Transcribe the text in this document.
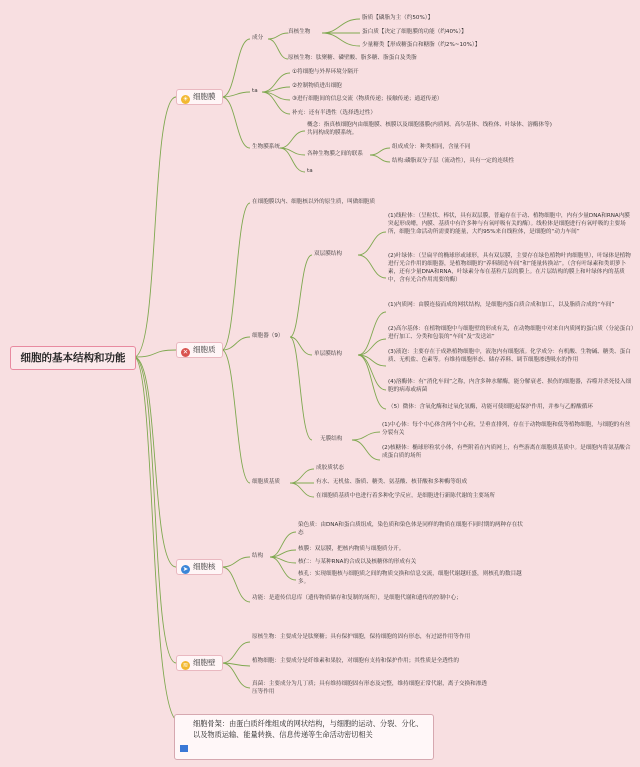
细胞的基本结构和功能
☀ 细胞膜
成分
真核生物
脂质【磷脂为主（约50%）】
蛋白质【决定了细胞膜的功能（约40%）】
少量糖类【形成糖蛋白和糖脂（约2%~10%）】
原核生物：肽聚糖、磷壁酸、脂多糖、脂蛋白及类脂
ta
①将细胞与外界环境分隔开
②控制物质进出细胞
③进行细胞间的信息交流（物质传递；接触传递；通道传递）
补充：还有半透性（选择透过性）
生物膜系统
概念：指真核细胞内由细胞膜、核膜以及细胞器膜(内质网、高尔基体、线粒体、叶绿体、溶酶体等)共同构成的膜系统。
各种生物膜之间的联系
组成成分：种类相同，含量不同
结构:磷脂双分子层（流动性），具有一定的连续性
ta
✕ 细胞质
在细胞膜以内、细胞核以外的原生质，叫做细胞质
细胞器（9）
双层膜结构
(1)线粒体：（呈粒状、棒状，具有双层膜，普遍存在于动、植物细胞中，内有少量DNA和RNA内膜突起形成嵴，内膜、基质中有许多种与有氧呼吸有关的酶）。线粒体是细胞进行有氧呼吸的主要场所，细胞生命活动所需要的能量，大约95%来自线粒体，是细胞的“动力车间”
(2)叶绿体：（呈扁平的椭球形或球形，具有双层膜，主要存在绿色植物叶肉细胞里），叶绿体是植物进行光合作用的细胞器，是植物细胞的“养料制造车间”和“能量转换站”。（含有叶绿素和类胡萝卜素，还有少量DNA和RNA，叶绿素分布在基粒片层的膜上。在片层结构的膜上和叶绿体内的基质中，含有光合作用需要的酶）
单层膜结构
(1)内质网：由膜连接而成的网状结构，是细胞内蛋白质合成和加工，以及脂质合成的“车间”
(2)高尔基体：在植物细胞中与细胞壁的形成有关，在动物细胞中对来自内质网的蛋白质（分泌蛋白）进行加工、分类和包装的“车间”及“发送站”
(3)液泡：主要存在于成熟植物细胞中，液泡内有细胞液。化学成分：有机酸、生物碱、糖类、蛋白质、无机盐、色素等。有维持细胞形态、储存养料、调节细胞渗透吸水的作用
(4)溶酶体：有“消化车间”之称，内含多种水解酶，能分解衰老、损伤的细胞器，吞噬并杀死侵入细胞的病毒或病菌
（5）微体：含氧化酶和过氧化氢酶，功能可使细胞起保护作用，并参与乙醇酸循环
无膜结构
(1)中心体：每个中心体含两个中心粒，呈垂直排列，存在于动物细胞和低等植物细胞，与细胞的有丝分裂有关
(2)核糖体：椭球形粒状小体，有些附着在内质网上，有些游离在细胞质基质中。是细胞内将氨基酸合成蛋白质的场所
细胞质基质
成胶质状态
有水、无机盐、脂质、糖类、氨基酸、核苷酸和多种酶等组成
在细胞质基质中也进行着多种化学反应，是细胞进行新陈代谢的主要场所
➤ 细胞核
结构
染色质：由DNA和蛋白质组成，染色质和染色体是同样的物质在细胞不同时期的两种存在状态
核膜：双层膜，把核内物质与细胞质分开。
核仁：与某种RNA的合成以及核糖体的形成有关
核孔：实现细胞核与细胞质之间的物质交换和信息交流，细胞代谢越旺盛，则核孔的数目越多。
功能：是遗传信息库（遗传物质储存和复制的场所），是细胞代谢和遗传的控制中心；
≋ 细胞壁
原核生物：主要成分是肽聚糖；具有保护细胞，保持细胞的固有形态，有过滤作用等作用
植物细胞：主要成分是纤维素和果胶，对细胞有支持和保护作用；其性质是全透性的
真菌：主要成分为几丁质；具有维持细胞固有形态及完整，维持细胞正常代谢，离子交换和渗透压等作用
细胞骨架：由蛋白质纤维组成的网状结构，与细胞的运动、分裂、分化、以及物质运输、能量转换、信息传递等生命活动密切相关
